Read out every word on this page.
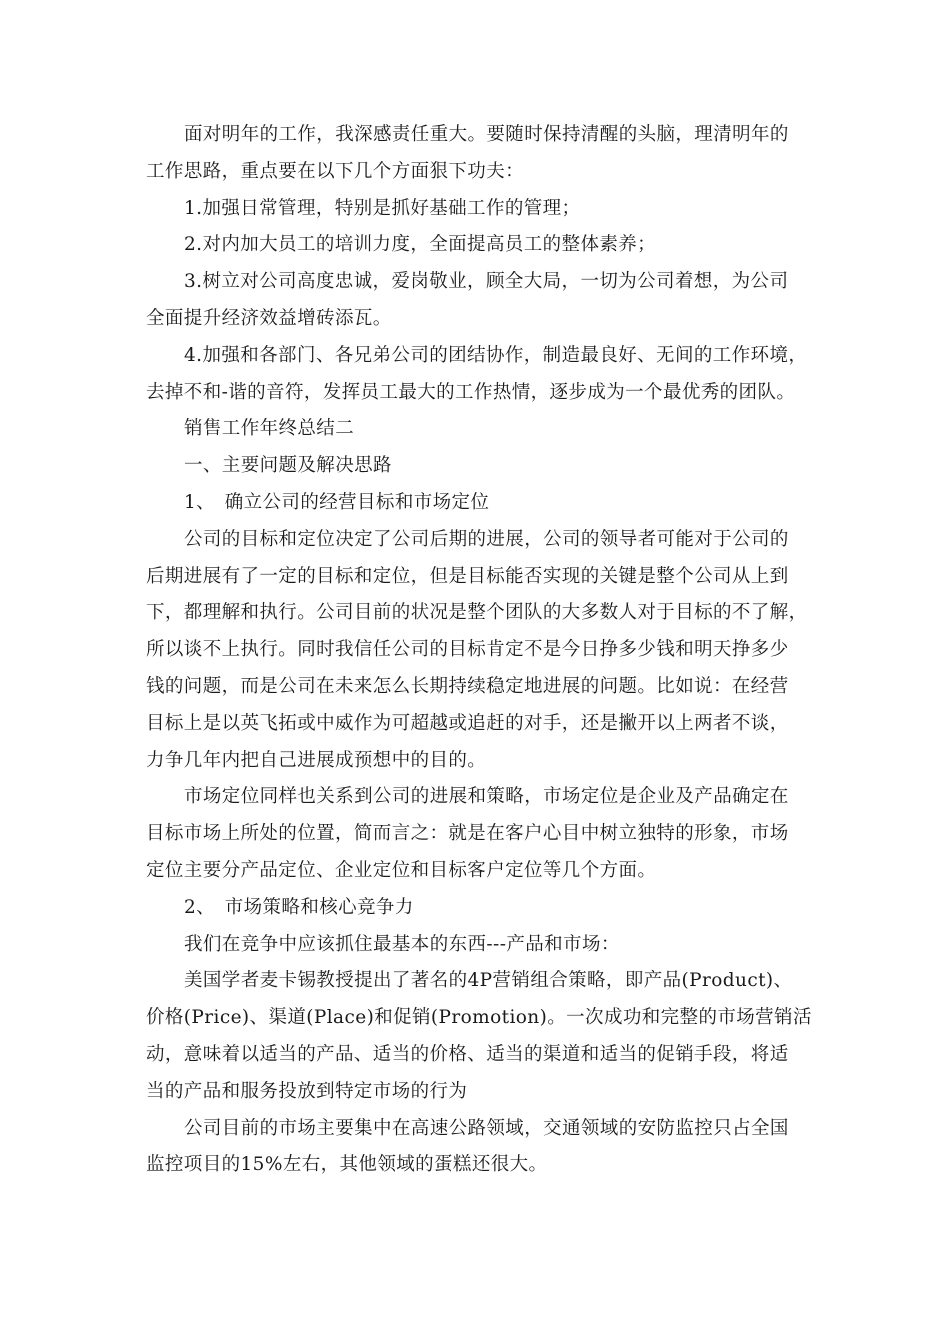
面对明年的工作，我深感责任重大。要随时保持清醒的头脑，理清明年的
工作思路，重点要在以下几个方面狠下功夫：

1.加强日常管理，特别是抓好基础工作的管理；

2.对内加大员工的培训力度，全面提高员工的整体素养；

3.树立对公司高度忠诚，爱岗敬业，顾全大局，一切为公司着想，为公司
全面提升经济效益增砖添瓦。

4.加强和各部门、各兄弟公司的团结协作，制造最良好、无间的工作环境，
去掉不和-谐的音符，发挥员工最大的工作热情，逐步成为一个最优秀的团队。

销售工作年终总结二

一、主要问题及解决思路

1、　确立公司的经营目标和市场定位

公司的目标和定位决定了公司后期的进展，公司的领导者可能对于公司的
后期进展有了一定的目标和定位，但是目标能否实现的关键是整个公司从上到
下，都理解和执行。公司目前的状况是整个团队的大多数人对于目标的不了解，
所以谈不上执行。同时我信任公司的目标肯定不是今日挣多少钱和明天挣多少
钱的问题，而是公司在未来怎么长期持续稳定地进展的问题。比如说：在经营
目标上是以英飞拓或中威作为可超越或追赶的对手，还是撇开以上两者不谈，
力争几年内把自己进展成预想中的目的。

市场定位同样也关系到公司的进展和策略，市场定位是企业及产品确定在
目标市场上所处的位置，简而言之：就是在客户心目中树立独特的形象，市场
定位主要分产品定位、企业定位和目标客户定位等几个方面。

2、　市场策略和核心竞争力

我们在竞争中应该抓住最基本的东西---产品和市场：

美国学者麦卡锡教授提出了著名的4P营销组合策略，即产品(Product)、
价格(Price)、渠道(Place)和促销(Promotion)。一次成功和完整的市场营销活
动，意味着以适当的产品、适当的价格、适当的渠道和适当的促销手段，将适
当的产品和服务投放到特定市场的行为

公司目前的市场主要集中在高速公路领域，交通领域的安防监控只占全国
监控项目的15%左右，其他领域的蛋糕还很大。
